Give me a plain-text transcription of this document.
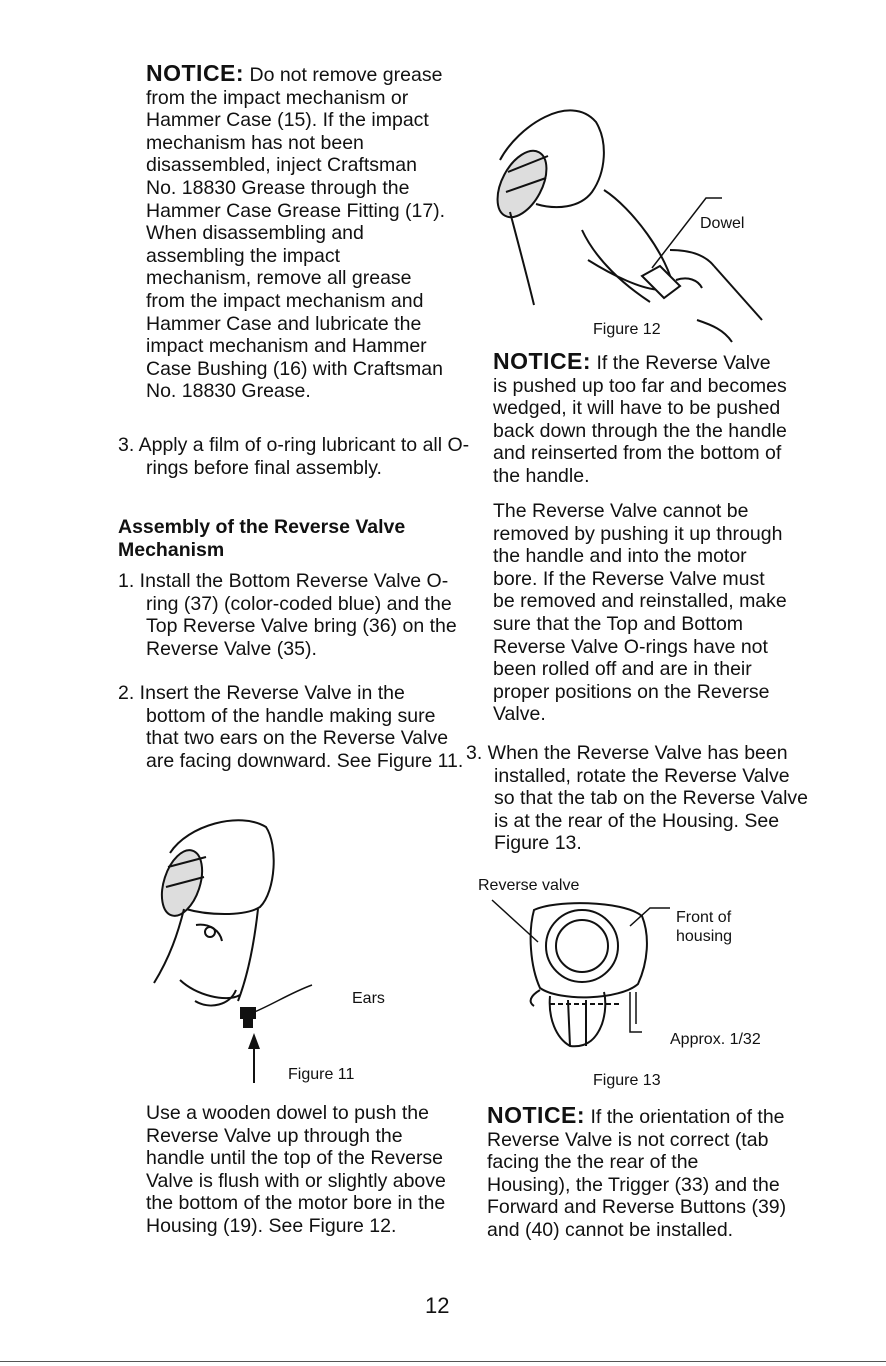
NOTICE: Do not remove grease from the impact mechanism or Hammer Case (15). If the impact mechanism has not been disassembled, inject Craftsman No. 18830 Grease through the Hammer Case Grease Fitting (17). When disassembling and assembling the impact mechanism, remove all grease from the impact mechanism and Hammer Case and lubricate the impact mechanism and Hammer Case Bushing (16) with Craftsman No. 18830 Grease.
3. Apply a film of o-ring lubricant to all O-rings before final assembly.
Assembly of the Reverse Valve Mechanism
1. Install the Bottom Reverse Valve O-ring (37) (color-coded blue) and the Top Reverse Valve bring (36) on the Reverse Valve (35).
2. Insert the Reverse Valve in the bottom of the handle making sure that two ears on the Reverse Valve are facing downward. See Figure 11.
Use a wooden dowel to push the Reverse Valve up through the handle until the top of the Reverse Valve is flush with or slightly above the bottom of the motor bore in the Housing (19). See Figure 12.
Ears
Figure 11
Dowel
Figure 12
NOTICE: If the Reverse Valve is pushed up too far and becomes wedged, it will have to be pushed back down through the the handle and reinserted from the bottom of the handle.
The Reverse Valve cannot be removed by pushing it up through the handle and into the motor bore. If the Reverse Valve must be removed and reinstalled, make sure that the Top and Bottom Reverse Valve O-rings have not been rolled off and are in their proper positions on the Reverse Valve.
3. When the Reverse Valve has been installed, rotate the Reverse Valve so that the tab on the Reverse Valve is at the rear of the Housing. See Figure 13.
NOTICE: If the orientation of the Reverse Valve is not correct (tab facing the the rear of the Housing), the Trigger (33) and the Forward and Reverse Buttons (39) and (40) cannot be installed.
Reverse valve
Front of housing
Approx. 1/32
Figure 13
12
